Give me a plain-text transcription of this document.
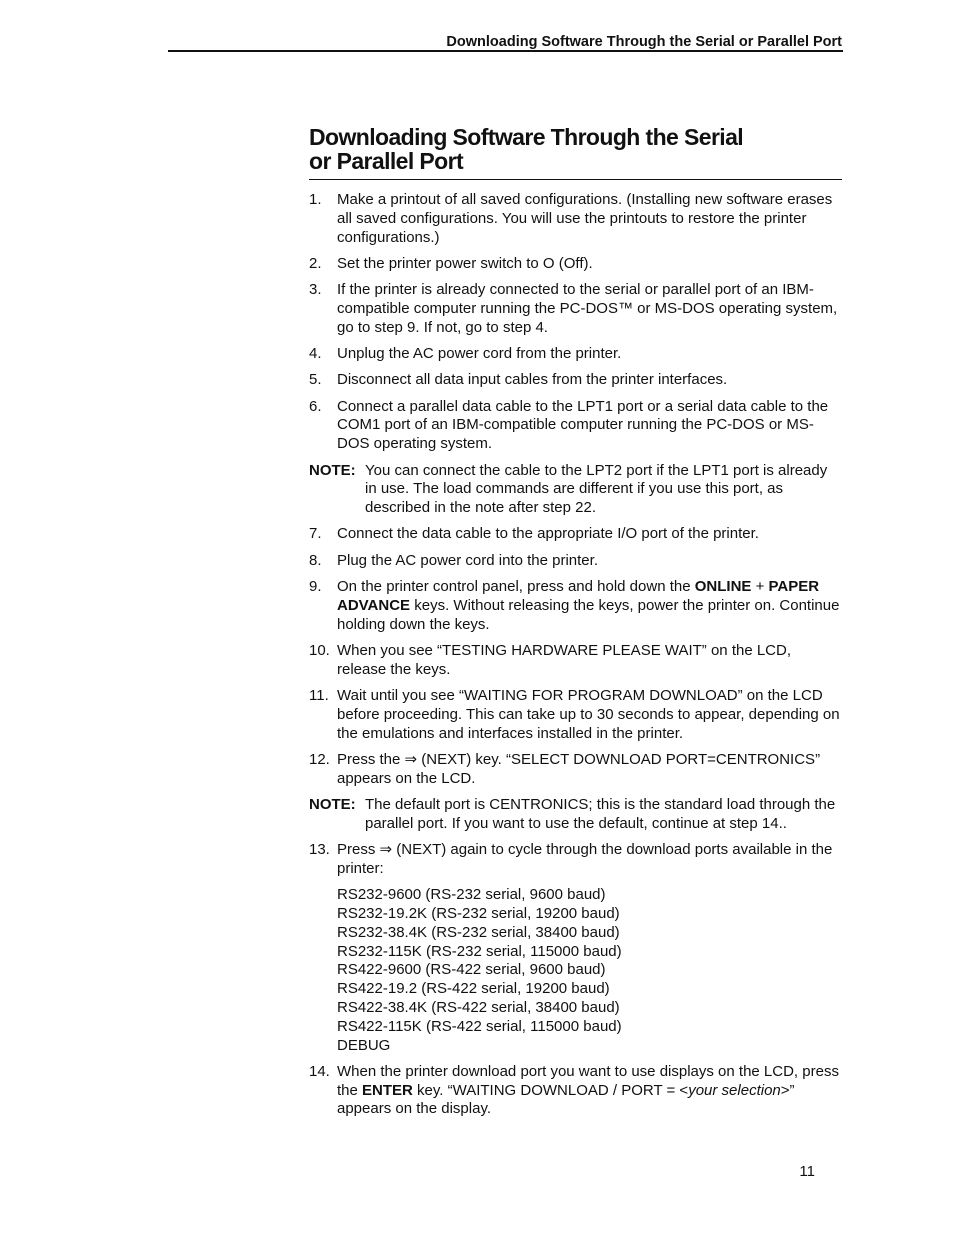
Downloading Software Through the Serial or Parallel Port
Downloading Software Through the Serial
or Parallel Port
1. Make a printout of all saved configurations. (Installing new software erases all saved configurations. You will use the printouts to restore the printer configurations.)
2. Set the printer power switch to O (Off).
3. If the printer is already connected to the serial or parallel port of an IBM-compatible computer running the PC-DOS™ or MS-DOS operating system, go to step 9. If not, go to step 4.
4. Unplug the AC power cord from the printer.
5. Disconnect all data input cables from the printer interfaces.
6. Connect a parallel data cable to the LPT1 port or a serial data cable to the COM1 port of an IBM-compatible computer running the PC-DOS or MS-DOS operating system.
NOTE: You can connect the cable to the LPT2 port if the LPT1 port is already in use. The load commands are different if you use this port, as described in the note after step 22.
7. Connect the data cable to the appropriate I/O port of the printer.
8. Plug the AC power cord into the printer.
9. On the printer control panel, press and hold down the ONLINE + PAPER ADVANCE keys. Without releasing the keys, power the printer on. Continue holding down the keys.
10. When you see “TESTING HARDWARE PLEASE WAIT” on the LCD, release the keys.
11. Wait until you see “WAITING FOR PROGRAM DOWNLOAD” on the LCD before proceeding. This can take up to 30 seconds to appear, depending on the emulations and interfaces installed in the printer.
12. Press the ⇒ (NEXT) key. “SELECT DOWNLOAD PORT=CENTRONICS” appears on the LCD.
NOTE: The default port is CENTRONICS; this is the standard load through the parallel port. If you want to use the default, continue at step 14..
13. Press ⇒ (NEXT) again to cycle through the download ports available in the printer:
RS232-9600 (RS-232 serial, 9600 baud)
RS232-19.2K (RS-232 serial, 19200 baud)
RS232-38.4K (RS-232 serial, 38400 baud)
RS232-115K (RS-232 serial, 115000 baud)
RS422-9600 (RS-422 serial, 9600 baud)
RS422-19.2 (RS-422 serial, 19200 baud)
RS422-38.4K (RS-422 serial, 38400 baud)
RS422-115K (RS-422 serial, 115000 baud)
DEBUG
14. When the printer download port you want to use displays on the LCD, press the ENTER key. “WAITING DOWNLOAD / PORT = <your selection>” appears on the display.
11
